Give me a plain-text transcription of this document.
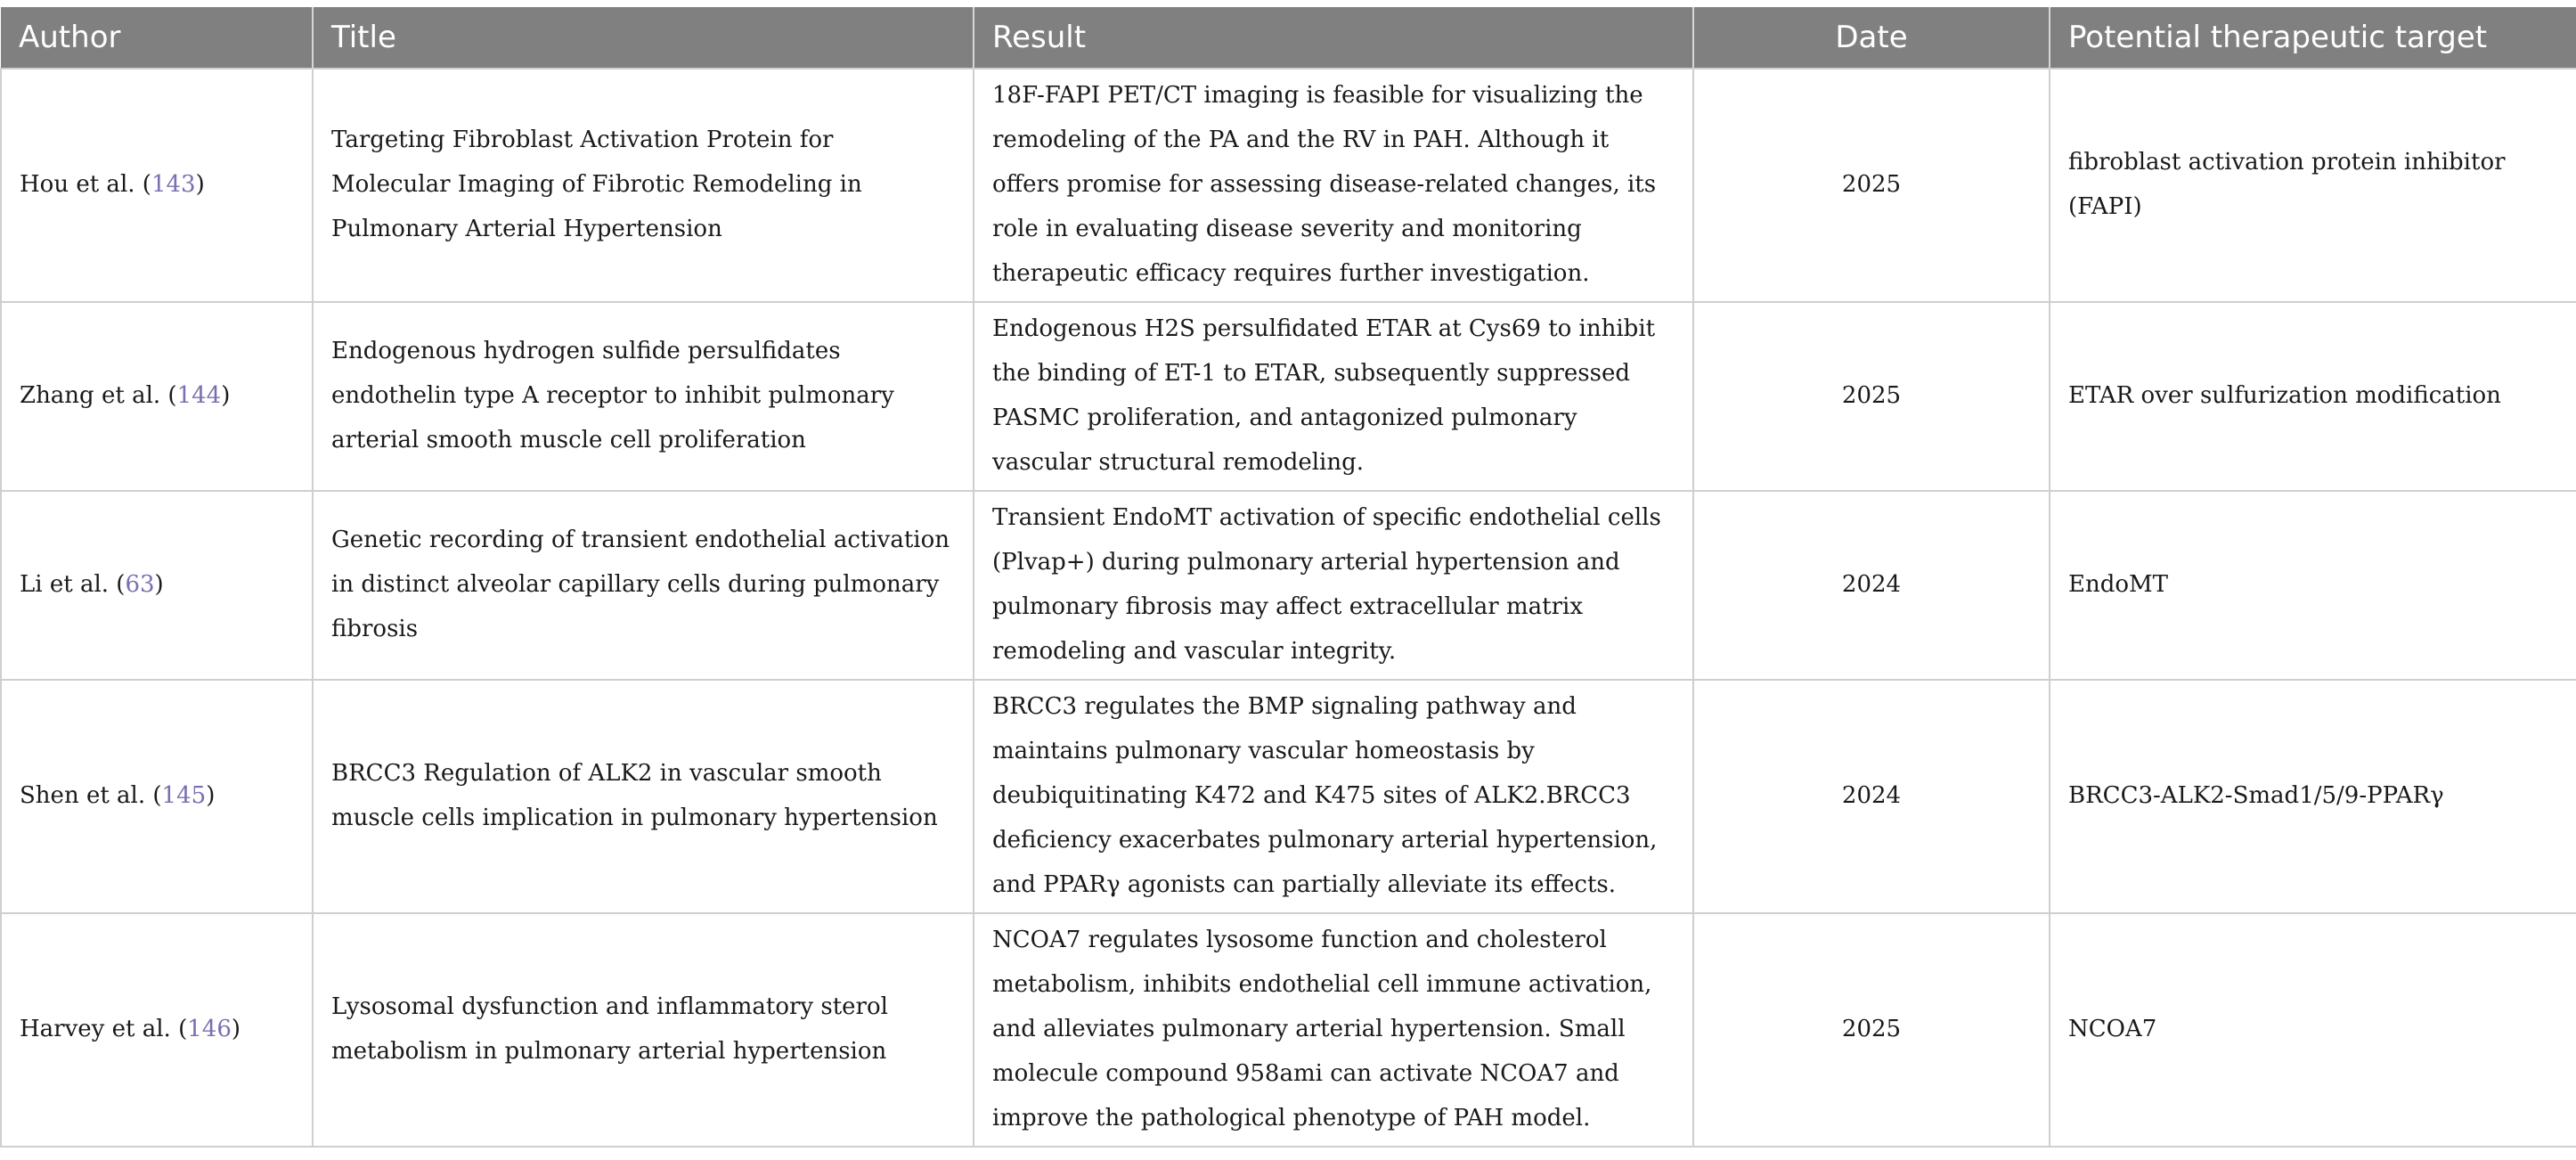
Author	Title	Result	Date	Potential therapeutic target
Hou et al. (143)	Targeting Fibroblast Activation Protein for Molecular Imaging of Fibrotic Remodeling in Pulmonary Arterial Hypertension	18F-FAPI PET/CT imaging is feasible for visualizing the remodeling of the PA and the RV in PAH. Although it offers promise for assessing disease-related changes, its role in evaluating disease severity and monitoring therapeutic efficacy requires further investigation.	2025	fibroblast activation protein inhibitor (FAPI)
Zhang et al. (144)	Endogenous hydrogen sulfide persulfidates endothelin type A receptor to inhibit pulmonary arterial smooth muscle cell proliferation	Endogenous H2S persulfidated ETAR at Cys69 to inhibit the binding of ET-1 to ETAR, subsequently suppressed PASMC proliferation, and antagonized pulmonary vascular structural remodeling.	2025	ETAR over sulfurization modification
Li et al. (63)	Genetic recording of transient endothelial activation in distinct alveolar capillary cells during pulmonary fibrosis	Transient EndoMT activation of specific endothelial cells (Plvap+) during pulmonary arterial hypertension and pulmonary fibrosis may affect extracellular matrix remodeling and vascular integrity.	2024	EndoMT
Shen et al. (145)	BRCC3 Regulation of ALK2 in vascular smooth muscle cells implication in pulmonary hypertension	BRCC3 regulates the BMP signaling pathway and maintains pulmonary vascular homeostasis by deubiquitinating K472 and K475 sites of ALK2.BRCC3 deficiency exacerbates pulmonary arterial hypertension, and PPARγ agonists can partially alleviate its effects.	2024	BRCC3-ALK2-Smad1/5/9-PPARγ
Harvey et al. (146)	Lysosomal dysfunction and inflammatory sterol metabolism in pulmonary arterial hypertension	NCOA7 regulates lysosome function and cholesterol metabolism, inhibits endothelial cell immune activation, and alleviates pulmonary arterial hypertension. Small molecule compound 958ami can activate NCOA7 and improve the pathological phenotype of PAH model.	2025	NCOA7
